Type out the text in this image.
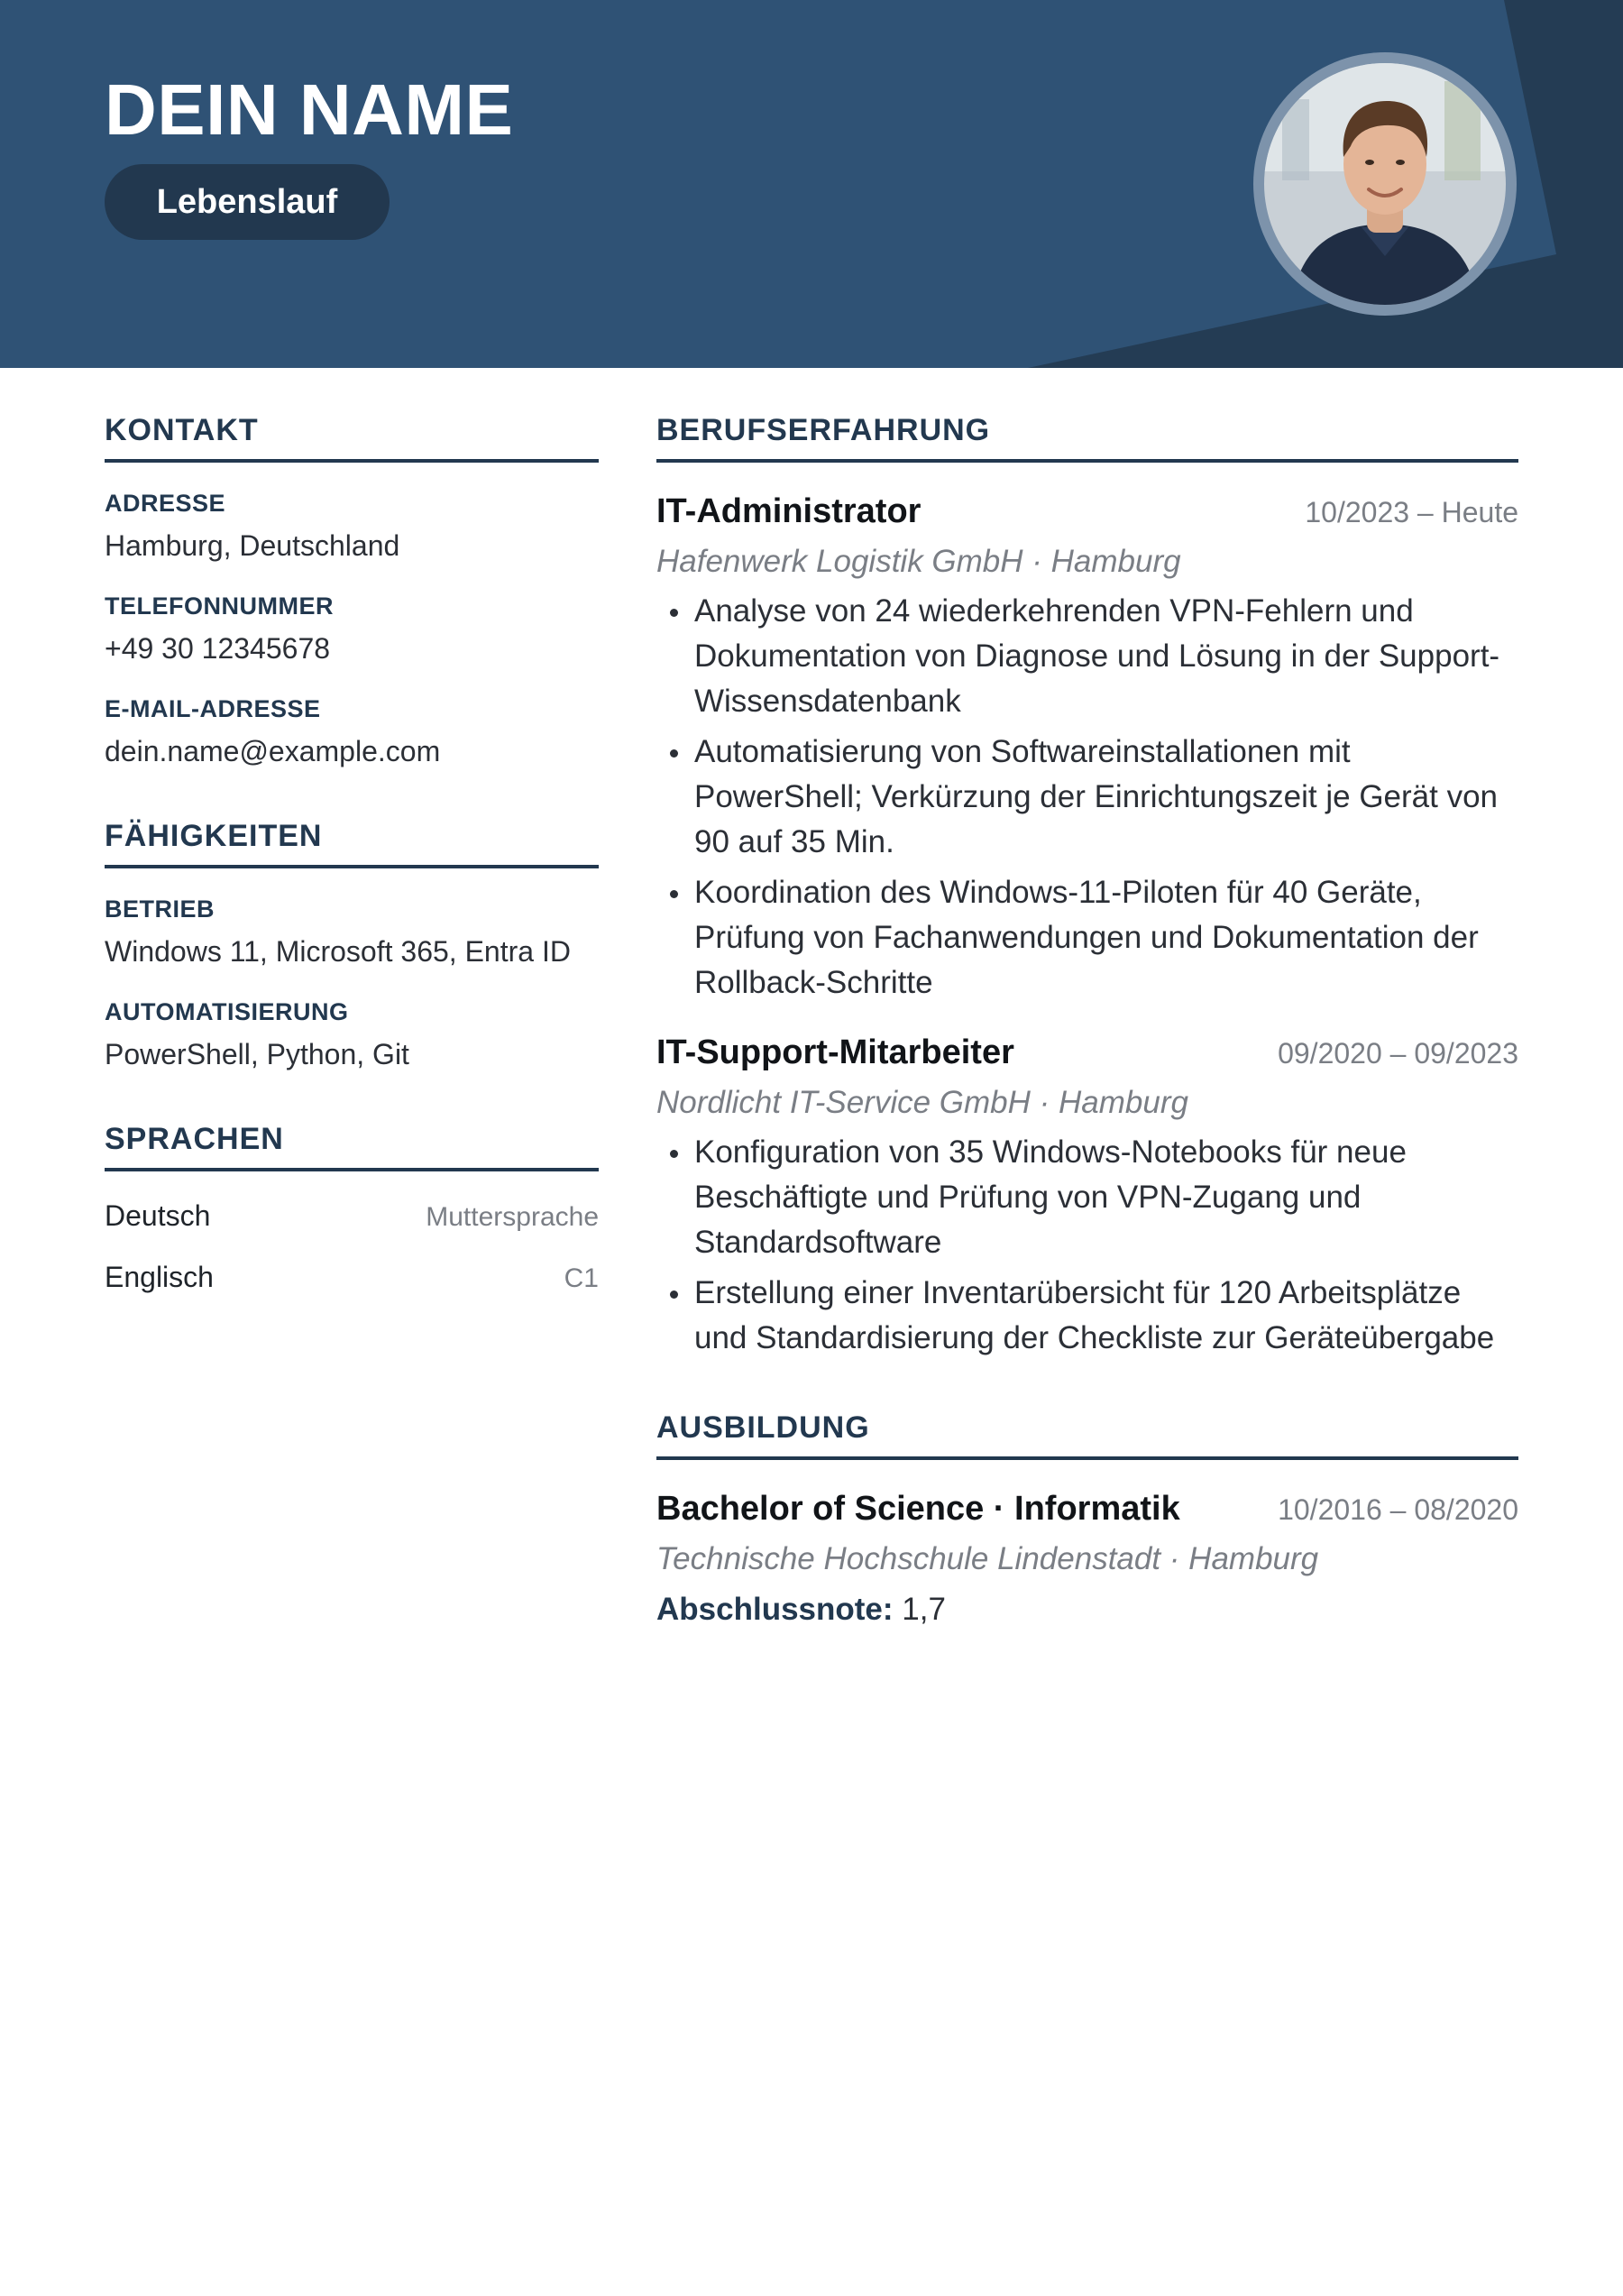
DEIN NAME
Lebenslauf
KONTAKT
ADRESSE
Hamburg, Deutschland
TELEFONNUMMER
+49 30 12345678
E-MAIL-ADRESSE
dein.name@example.com
FÄHIGKEITEN
BETRIEB
Windows 11, Microsoft 365, Entra ID
AUTOMATISIERUNG
PowerShell, Python, Git
SPRACHEN
Deutsch	Muttersprache
Englisch	C1
BERUFSERFAHRUNG
IT-Administrator	10/2023 – Heute
Hafenwerk Logistik GmbH · Hamburg
Analyse von 24 wiederkehrenden VPN-Fehlern und Dokumentation von Diagnose und Lösung in der Support-Wissensdatenbank
Automatisierung von Softwareinstallationen mit PowerShell; Verkürzung der Einrichtungszeit je Gerät von 90 auf 35 Min.
Koordination des Windows-11-Piloten für 40 Geräte, Prüfung von Fachanwendungen und Dokumentation der Rollback-Schritte
IT-Support-Mitarbeiter	09/2020 – 09/2023
Nordlicht IT-Service GmbH · Hamburg
Konfiguration von 35 Windows-Notebooks für neue Beschäftigte und Prüfung von VPN-Zugang und Standardsoftware
Erstellung einer Inventarübersicht für 120 Arbeitsplätze und Standardisierung der Checkliste zur Geräteübergabe
AUSBILDUNG
Bachelor of Science · Informatik	10/2016 – 08/2020
Technische Hochschule Lindenstadt · Hamburg
Abschlussnote: 1,7
